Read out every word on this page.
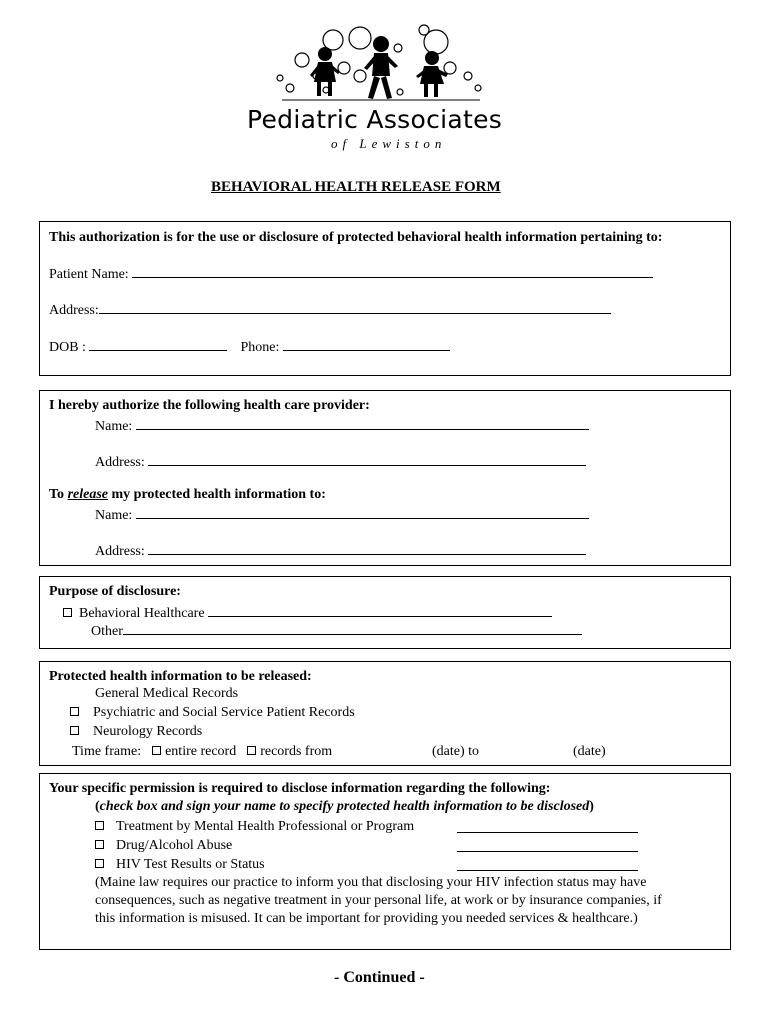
Pediatric Associates
of Lewiston
BEHAVIORAL HEALTH RELEASE FORM
This authorization is for the use or disclosure of protected behavioral health information pertaining to:
Patient Name:
Address:
DOB :	Phone:
I hereby authorize the following health care provider:
Name:
Address:
To release my protected health information to:
Name:
Address:
Purpose of disclosure:
Behavioral Healthcare
Other
Protected health information to be released:
General Medical Records
Psychiatric and Social Service Patient Records
Neurology Records
Time frame: entire record records from	(date) to	(date)
Your specific permission is required to disclose information regarding the following:
(check box and sign your name to specify protected health information to be disclosed)
Treatment by Mental Health Professional or Program
Drug/Alcohol Abuse
HIV Test Results or Status
(Maine law requires our practice to inform you that disclosing your HIV infection status may have
consequences, such as negative treatment in your personal life, at work or by insurance companies, if
this information is misused. It can be important for providing you needed services & healthcare.)
- Continued -
